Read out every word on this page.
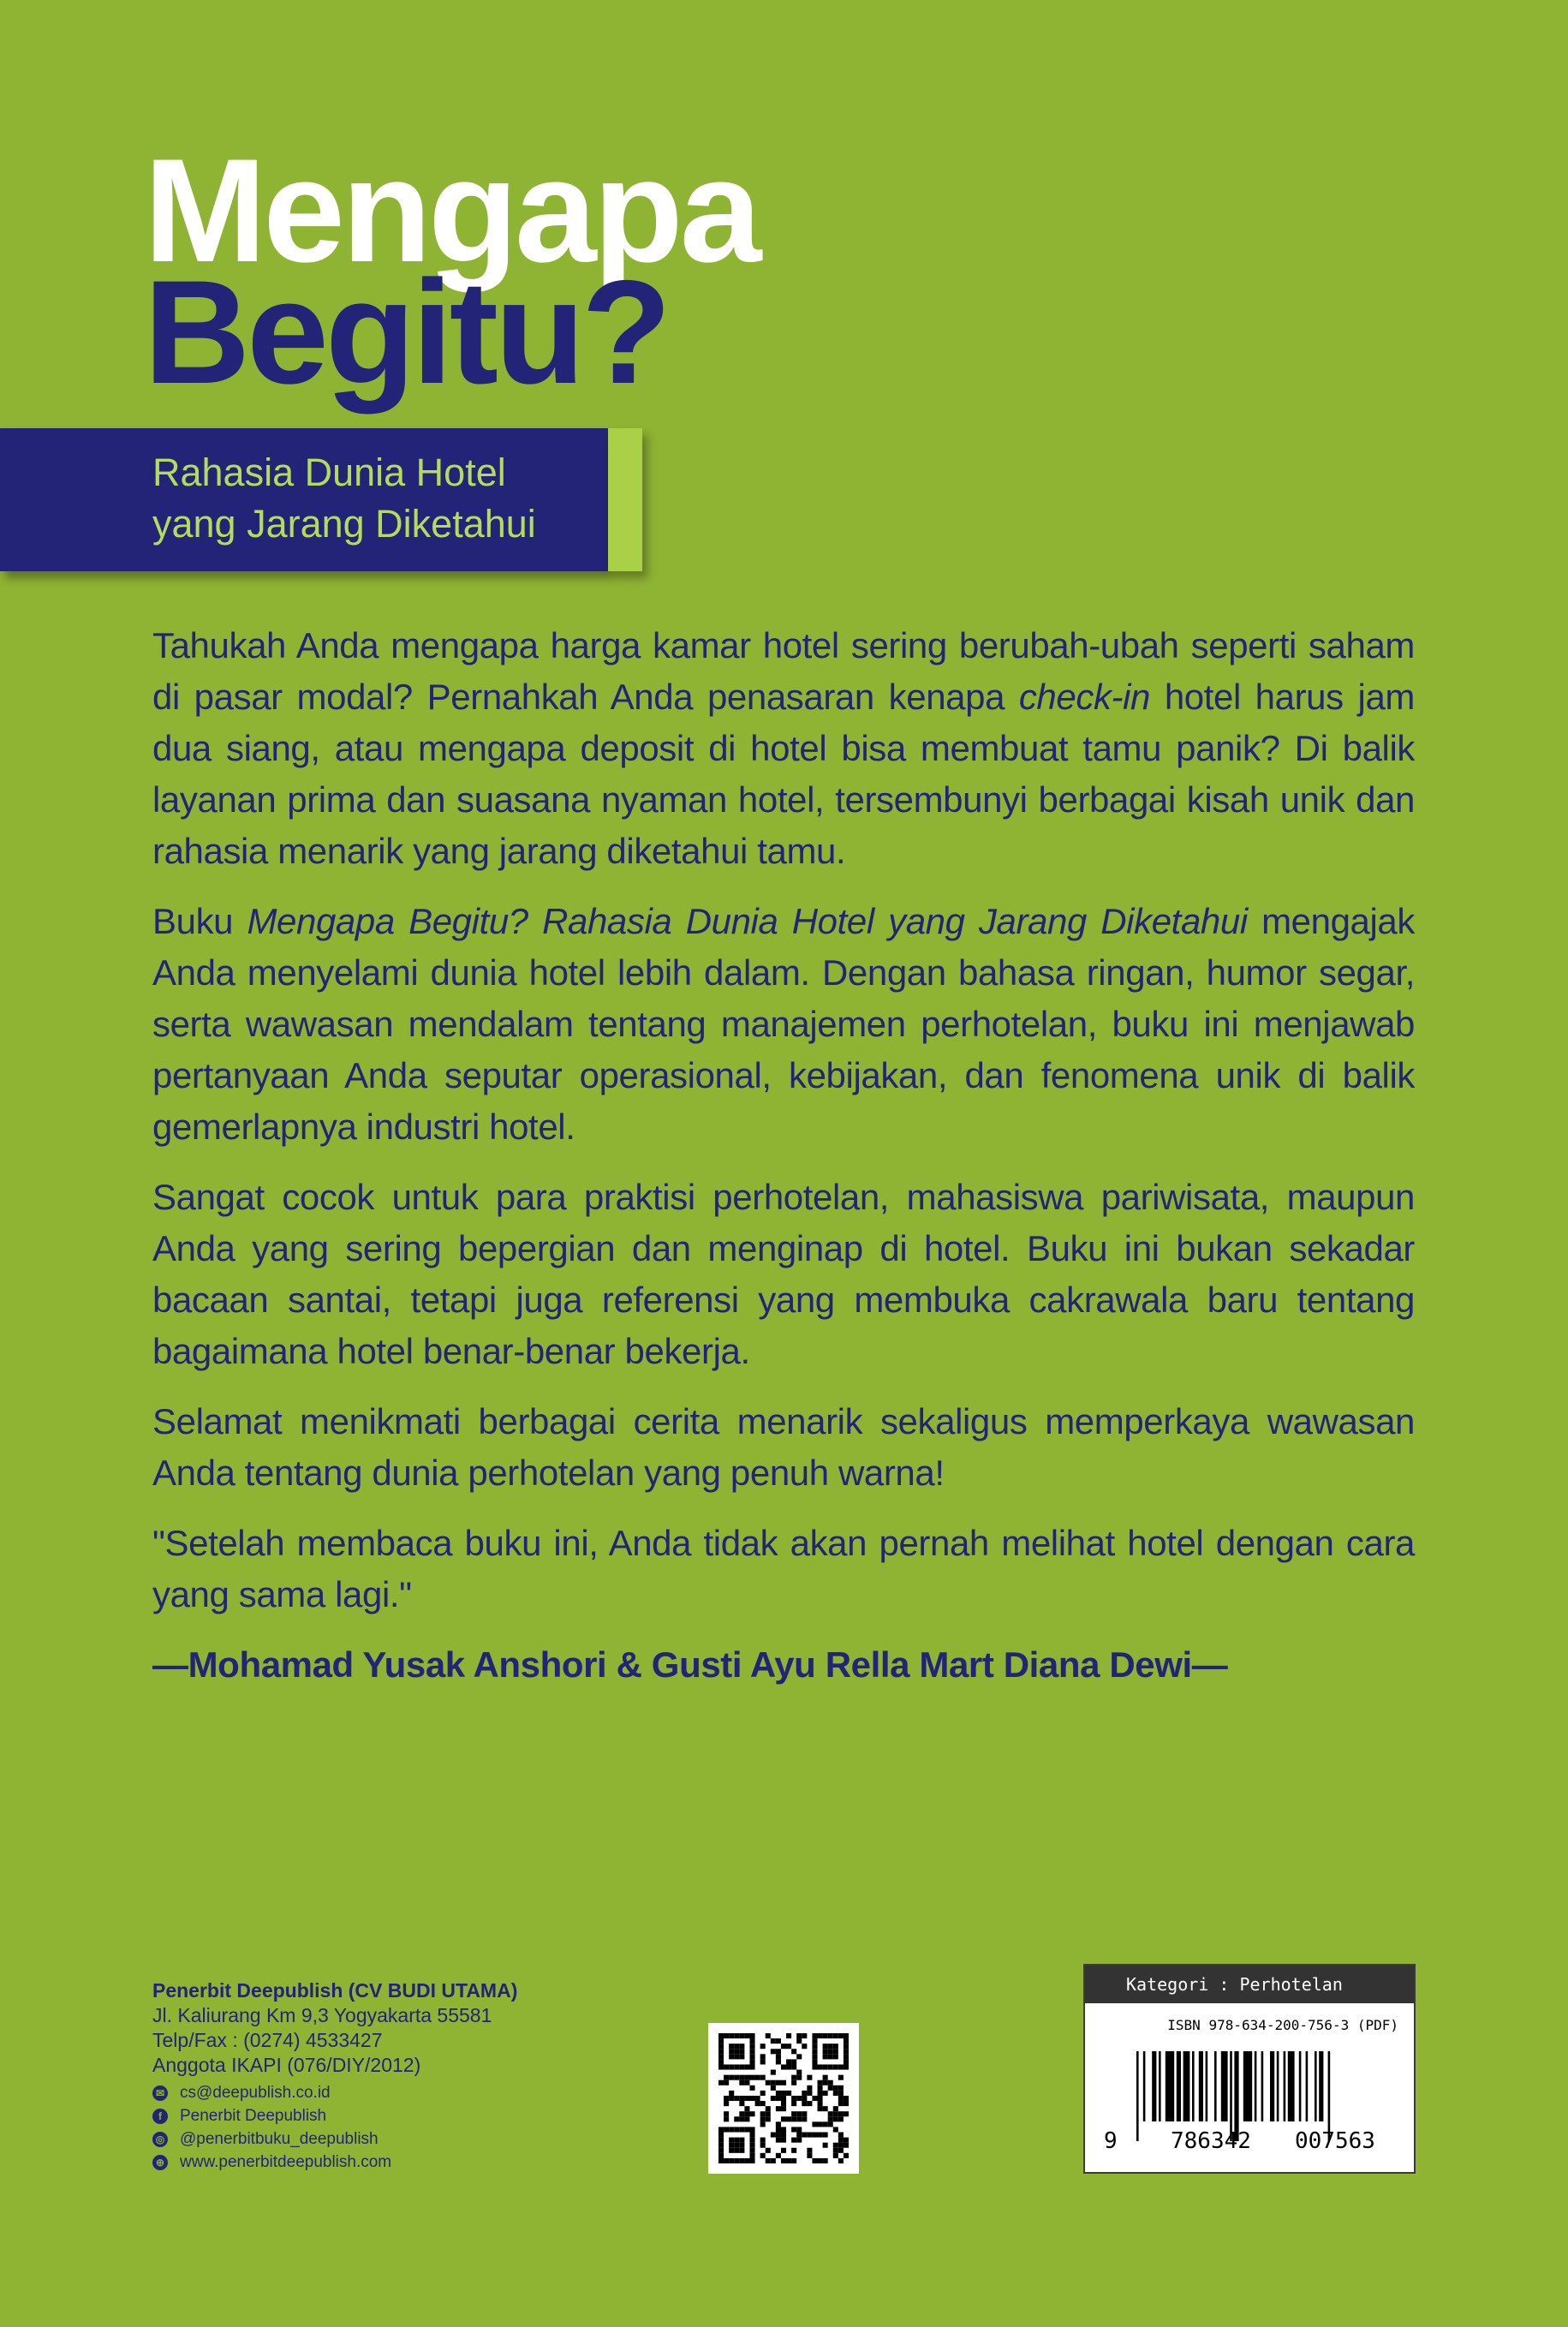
Mengapa
Begitu?
Rahasia Dunia Hotel
yang Jarang Diketahui

Tahukah Anda mengapa harga kamar hotel sering berubah-ubah seperti saham di pasar modal? Pernahkah Anda penasaran kenapa check-in hotel harus jam dua siang, atau mengapa deposit di hotel bisa membuat tamu panik? Di balik layanan prima dan suasana nyaman hotel, tersembunyi berbagai kisah unik dan rahasia menarik yang jarang diketahui tamu.

Buku Mengapa Begitu? Rahasia Dunia Hotel yang Jarang Diketahui mengajak Anda menyelami dunia hotel lebih dalam. Dengan bahasa ringan, humor segar, serta wawasan mendalam tentang manajemen perhotelan, buku ini menjawab pertanyaan Anda seputar operasional, kebijakan, dan fenomena unik di balik gemerlapnya industri hotel.

Sangat cocok untuk para praktisi perhotelan, mahasiswa pariwisata, maupun Anda yang sering bepergian dan menginap di hotel. Buku ini bukan sekadar bacaan santai, tetapi juga referensi yang membuka cakrawala baru tentang bagaimana hotel benar-benar bekerja.

Selamat menikmati berbagai cerita menarik sekaligus memperkaya wawasan Anda tentang dunia perhotelan yang penuh warna!

"Setelah membaca buku ini, Anda tidak akan pernah melihat hotel dengan cara yang sama lagi."

—Mohamad Yusak Anshori & Gusti Ayu Rella Mart Diana Dewi—

Penerbit Deepublish (CV BUDI UTAMA)
Jl. Kaliurang Km 9,3 Yogyakarta 55581
Telp/Fax : (0274) 4533427
Anggota IKAPI (076/DIY/2012)
✉ cs@deepublish.co.id
f	Penerbit Deepublish
◎ @penerbitbuku_deepublish
⊕ www.penerbitdeepublish.com
Kategori : Perhotelan
ISBN 978-634-200-756-3 (PDF)
9 786342 007563
